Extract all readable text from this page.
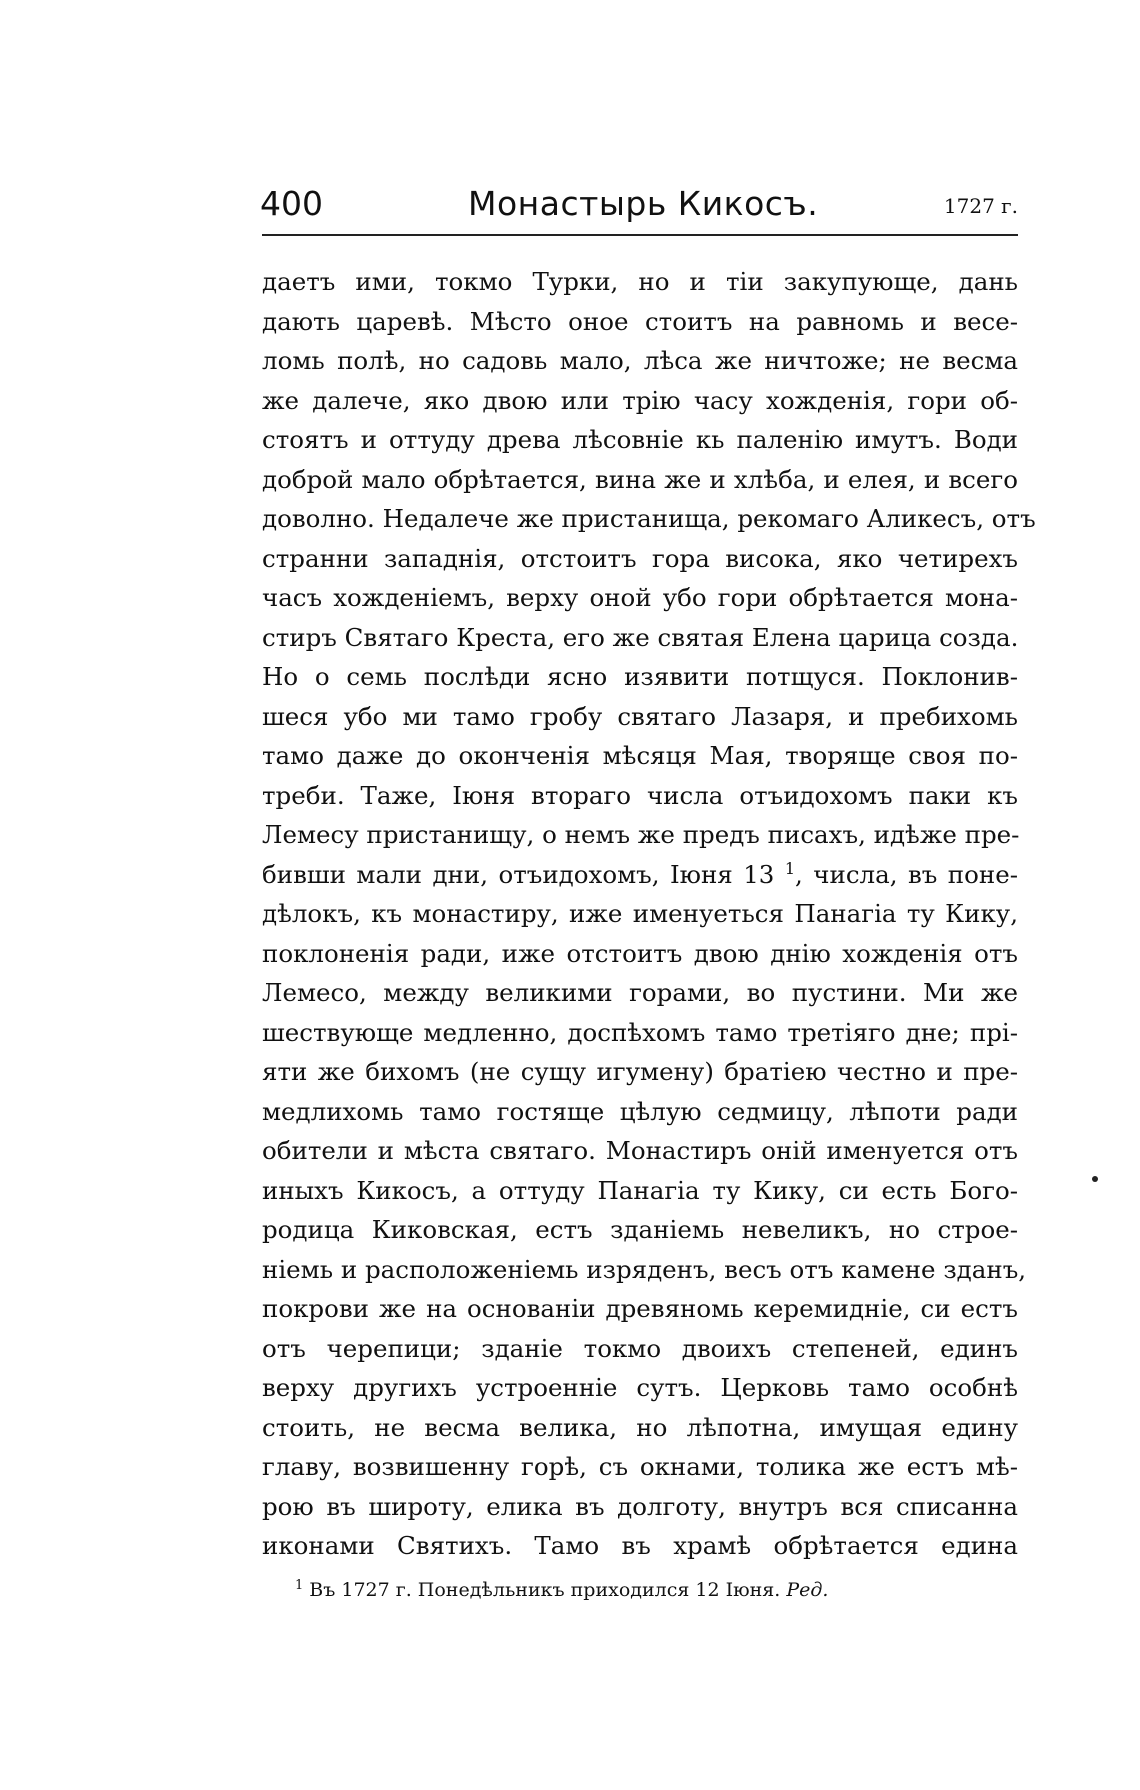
400	Монастырь Кикосъ.	1727 г.
даетъ ими, токмо Турки, но и тіи закупующе, дань
дають царевѣ. Мѣсто оное стоитъ на равномь и весе-
ломь полѣ, но садовь мало, лѣса же ничтоже; не весма
же далече, яко двою или трію часу хожденія, гори об-
стоятъ и оттуду древа лѣсовніе кь паленію имутъ. Води
доброй мало обрѣтается, вина же и хлѣба, и елея, и всего
доволно. Недалече же пристанища, рекомаго Аликесъ, отъ
странни западнія, отстоитъ гора висока, яко четирехъ
часъ хожденіемъ, верху оной убо гори обрѣтается мона-
стиръ Святаго Креста, его же святая Елена царица созда.
Но о семь послѣди ясно изявити потщуся. Поклонив-
шеся убо ми тамо гробу святаго Лазаря, и пребихомь
тамо даже до оконченія мѣсяця Мая, творяще своя по-
треби. Таже, Іюня втораго числа отъидохомъ паки къ
Лемесу пристанищу, о немъ же предъ писахъ, идѣже пре-
бивши мали дни, отъидохомъ, Іюня 13 $^1$, числа, въ поне-
дѣлокъ, къ монастиру, иже именуеться Панагіа ту Кику,
поклоненія ради, иже отстоитъ двою днію хожденія отъ
Лемесо, между великими горами, во пустини. Ми же
шествующе медленно, доспѣхомъ тамо третіяго дне; прі-
яти же бихомъ (не сущу игумену) братіею честно и пре-
медлихомь тамо гостяще цѣлую седмицу, лѣпоти ради
обители и мѣста святаго. Монастиръ оній именуется отъ
иныхъ Кикосъ, а оттуду Панагіа ту Кику, си есть Бого-
родица Киковская, естъ зданіемь невеликъ, но строе-
ніемь и расположеніемь изряденъ, весъ отъ камене зданъ,
покрови же на основаніи древяномь керемидніе, си естъ
отъ черепици; зданіе токмо двоихъ степеней, единъ
верху другихъ устроенніе сутъ. Церковь тамо особнѣ
стоить, не весма велика, но лѣпотна, имущая едину
главу, возвишенну горѣ, съ окнами, толика же естъ мѣ-
рою въ широту, елика въ долготу, внутръ вся списанна
иконами Святихъ. Тамо въ храмѣ обрѣтается едина
$^1$ Въ 1727 г. Понедѣльникъ приходился 12 Іюня. Ред.
